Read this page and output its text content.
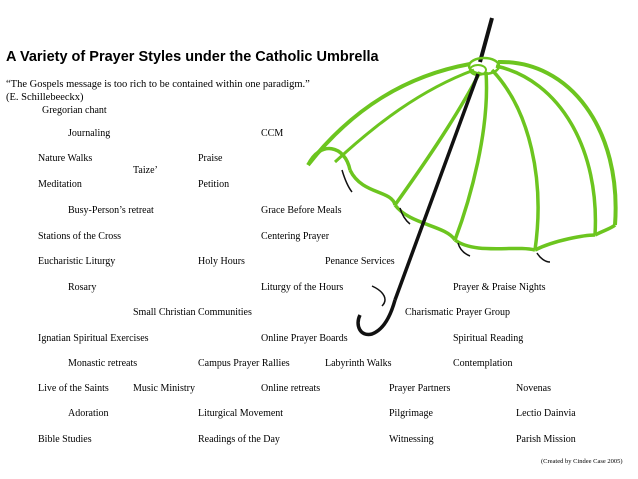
A Variety of Prayer Styles under the Catholic Umbrella
“The Gospels message is too rich to be contained within one paradigm.”
(E. Schillebeeckx)
Gregorian chant
Journaling	CCM
Nature Walks	Praise
Taize’
Meditation	Petition
Busy-Person’s retreat	Grace Before Meals
Stations of the Cross	Centering Prayer
Eucharistic Liturgy	Holy Hours	Penance Services
Rosary	Liturgy of the Hours	Prayer & Praise Nights
Small Christian Communities	Charismatic Prayer Group
Ignatian Spiritual Exercises	Online Prayer Boards	Spiritual Reading
Monastic retreats	Campus Prayer Rallies	Labyrinth Walks	Contemplation
Live of the Saints Music Ministry	Online retreats	Prayer Partners	Novenas
Adoration	Liturgical Movement	Pilgrimage	Lectio Dainvia
Bible Studies	Readings of the Day	Witnessing	Parish Mission
(Created by Cindee Case 2005)
